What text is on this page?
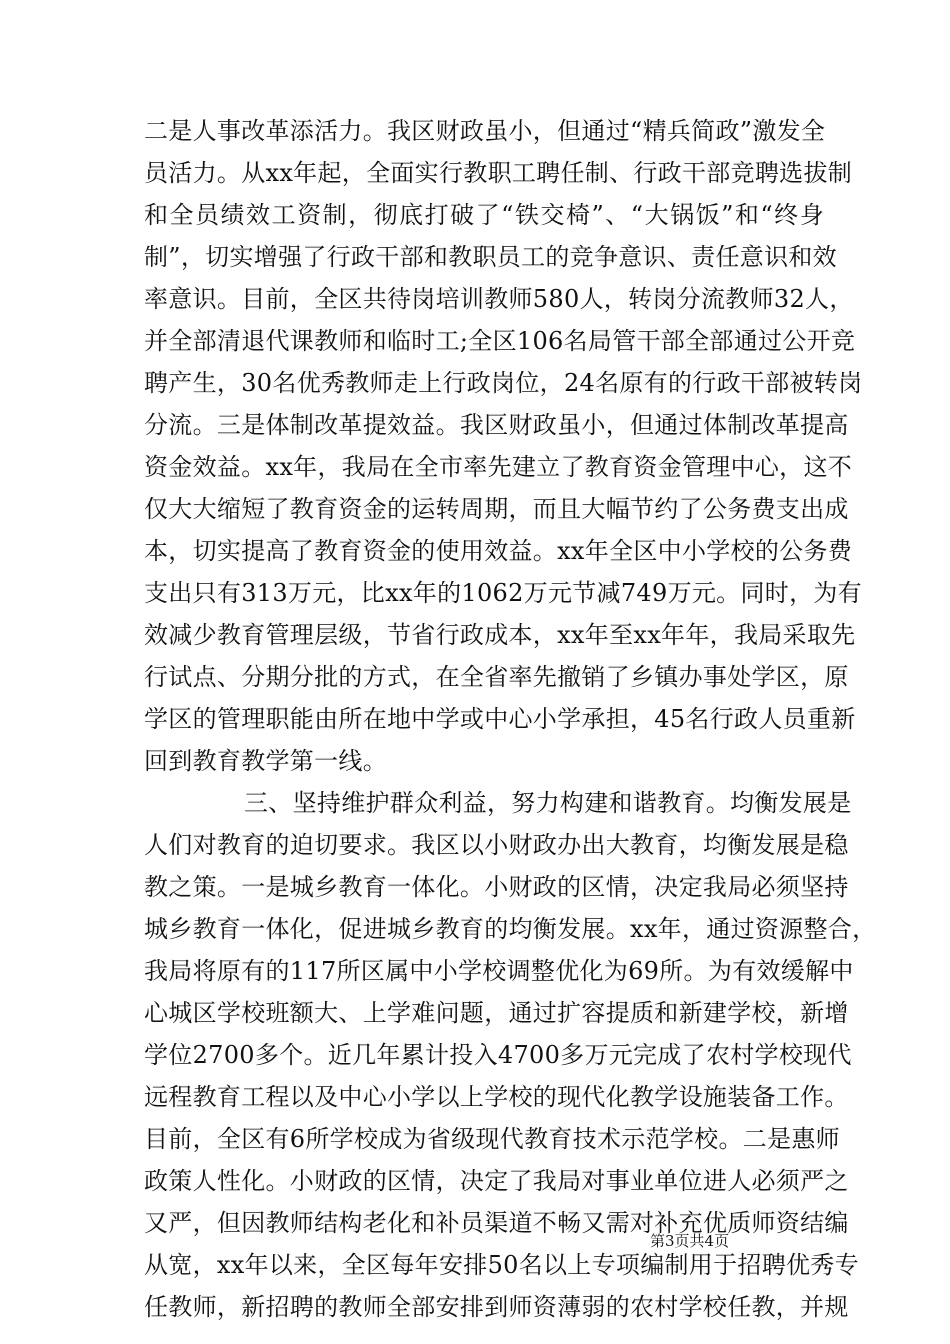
二是人事改革添活力。我区财政虽小，但通过“精兵简政”激发全
员活力。从xx年起，全面实行教职工聘任制、行政干部竞聘选拔制
和全员绩效工资制，彻底打破了“铁交椅”、“大锅饭”和“终身
制”，切实增强了行政干部和教职员工的竞争意识、责任意识和效
率意识。目前，全区共待岗培训教师580人，转岗分流教师32人，
并全部清退代课教师和临时工;全区106名局管干部全部通过公开竞
聘产生，30名优秀教师走上行政岗位，24名原有的行政干部被转岗
分流。三是体制改革提效益。我区财政虽小，但通过体制改革提高
资金效益。xx年，我局在全市率先建立了教育资金管理中心，这不
仅大大缩短了教育资金的运转周期，而且大幅节约了公务费支出成
本，切实提高了教育资金的使用效益。xx年全区中小学校的公务费
支出只有313万元，比xx年的1062万元节减749万元。同时，为有
效减少教育管理层级，节省行政成本，xx年至xx年年，我局采取先
行试点、分期分批的方式，在全省率先撤销了乡镇办事处学区，原
学区的管理职能由所在地中学或中心小学承担，45名行政人员重新
回到教育教学第一线。
三、坚持维护群众利益，努力构建和谐教育。均衡发展是
人们对教育的迫切要求。我区以小财政办出大教育，均衡发展是稳
教之策。一是城乡教育一体化。小财政的区情，决定我局必须坚持
城乡教育一体化，促进城乡教育的均衡发展。xx年，通过资源整合，
我局将原有的117所区属中小学校调整优化为69所。为有效缓解中
心城区学校班额大、上学难问题，通过扩容提质和新建学校，新增
学位2700多个。近几年累计投入4700多万元完成了农村学校现代
远程教育工程以及中心小学以上学校的现代化教学设施装备工作。
目前，全区有6所学校成为省级现代教育技术示范学校。二是惠师
政策人性化。小财政的区情，决定了我局对事业单位进人必须严之
又严，但因教师结构老化和补员渠道不畅又需对补充优质师资结编
从宽，xx年以来，全区每年安排50名以上专项编制用于招聘优秀专
任教师，新招聘的教师全部安排到师资薄弱的农村学校任教，并规
第3页共4页
